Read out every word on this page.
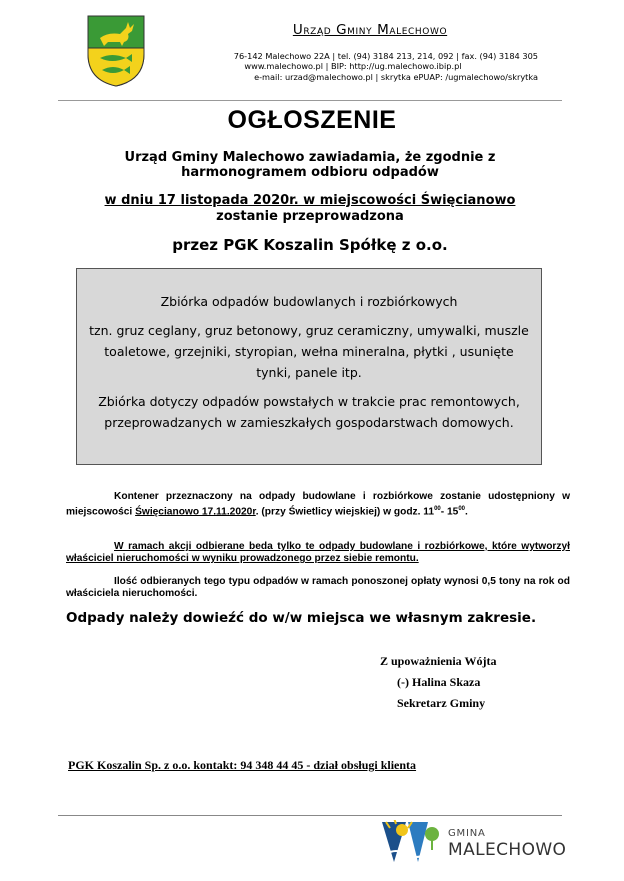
Urząd Gminy Malechowo
76-142 Malechowo 22A | tel. (94) 3184 213, 214, 092 | fax. (94) 3184 305
www.malechowo.pl | BIP: http://ug.malechowo.ibip.pl
e-mail: urzad@malechowo.pl | skrytka ePUAP: /ugmalechowo/skrytka
OGŁOSZENIE
Urząd Gminy Malechowo zawiadamia, że zgodnie z
harmonogramem odbioru odpadów
w dniu 17 listopada 2020r. w miejscowości Święcianowo
zostanie przeprowadzona
przez PGK Koszalin Spółkę z o.o.
Zbiórka odpadów budowlanych i rozbiórkowych
tzn. gruz ceglany, gruz betonowy, gruz ceramiczny, umywalki, muszle
toaletowe, grzejniki, styropian, wełna mineralna, płytki , usunięte
tynki, panele itp.
Zbiórka dotyczy odpadów powstałych w trakcie prac remontowych,
przeprowadzanych w zamieszkałych gospodarstwach domowych.
Kontener przeznaczony na odpady budowlane i rozbiórkowe zostanie udostępniony w miejscowości Święcianowo 17.11.2020r. (przy Świetlicy wiejskiej) w godz. $11^{00}-$ $15^{00}$.
W ramach akcji odbierane beda tylko te odpady budowlane i rozbiórkowe, które wytworzył właściciel nieruchomości w wyniku prowadzonego przez siebie remontu.
Ilość odbieranych tego typu odpadów w ramach ponoszonej opłaty wynosi 0,5 tony na rok od właściciela nieruchomości.
Odpady należy dowieźć do w/w miejsca we własnym zakresie.
Z upoważnienia Wójta
(-) Halina Skaza
Sekretarz Gminy
PGK Koszalin Sp. z o.o. kontakt: 94 348 44 45 - dział obsługi klienta
GMINA
MALECHOWO
